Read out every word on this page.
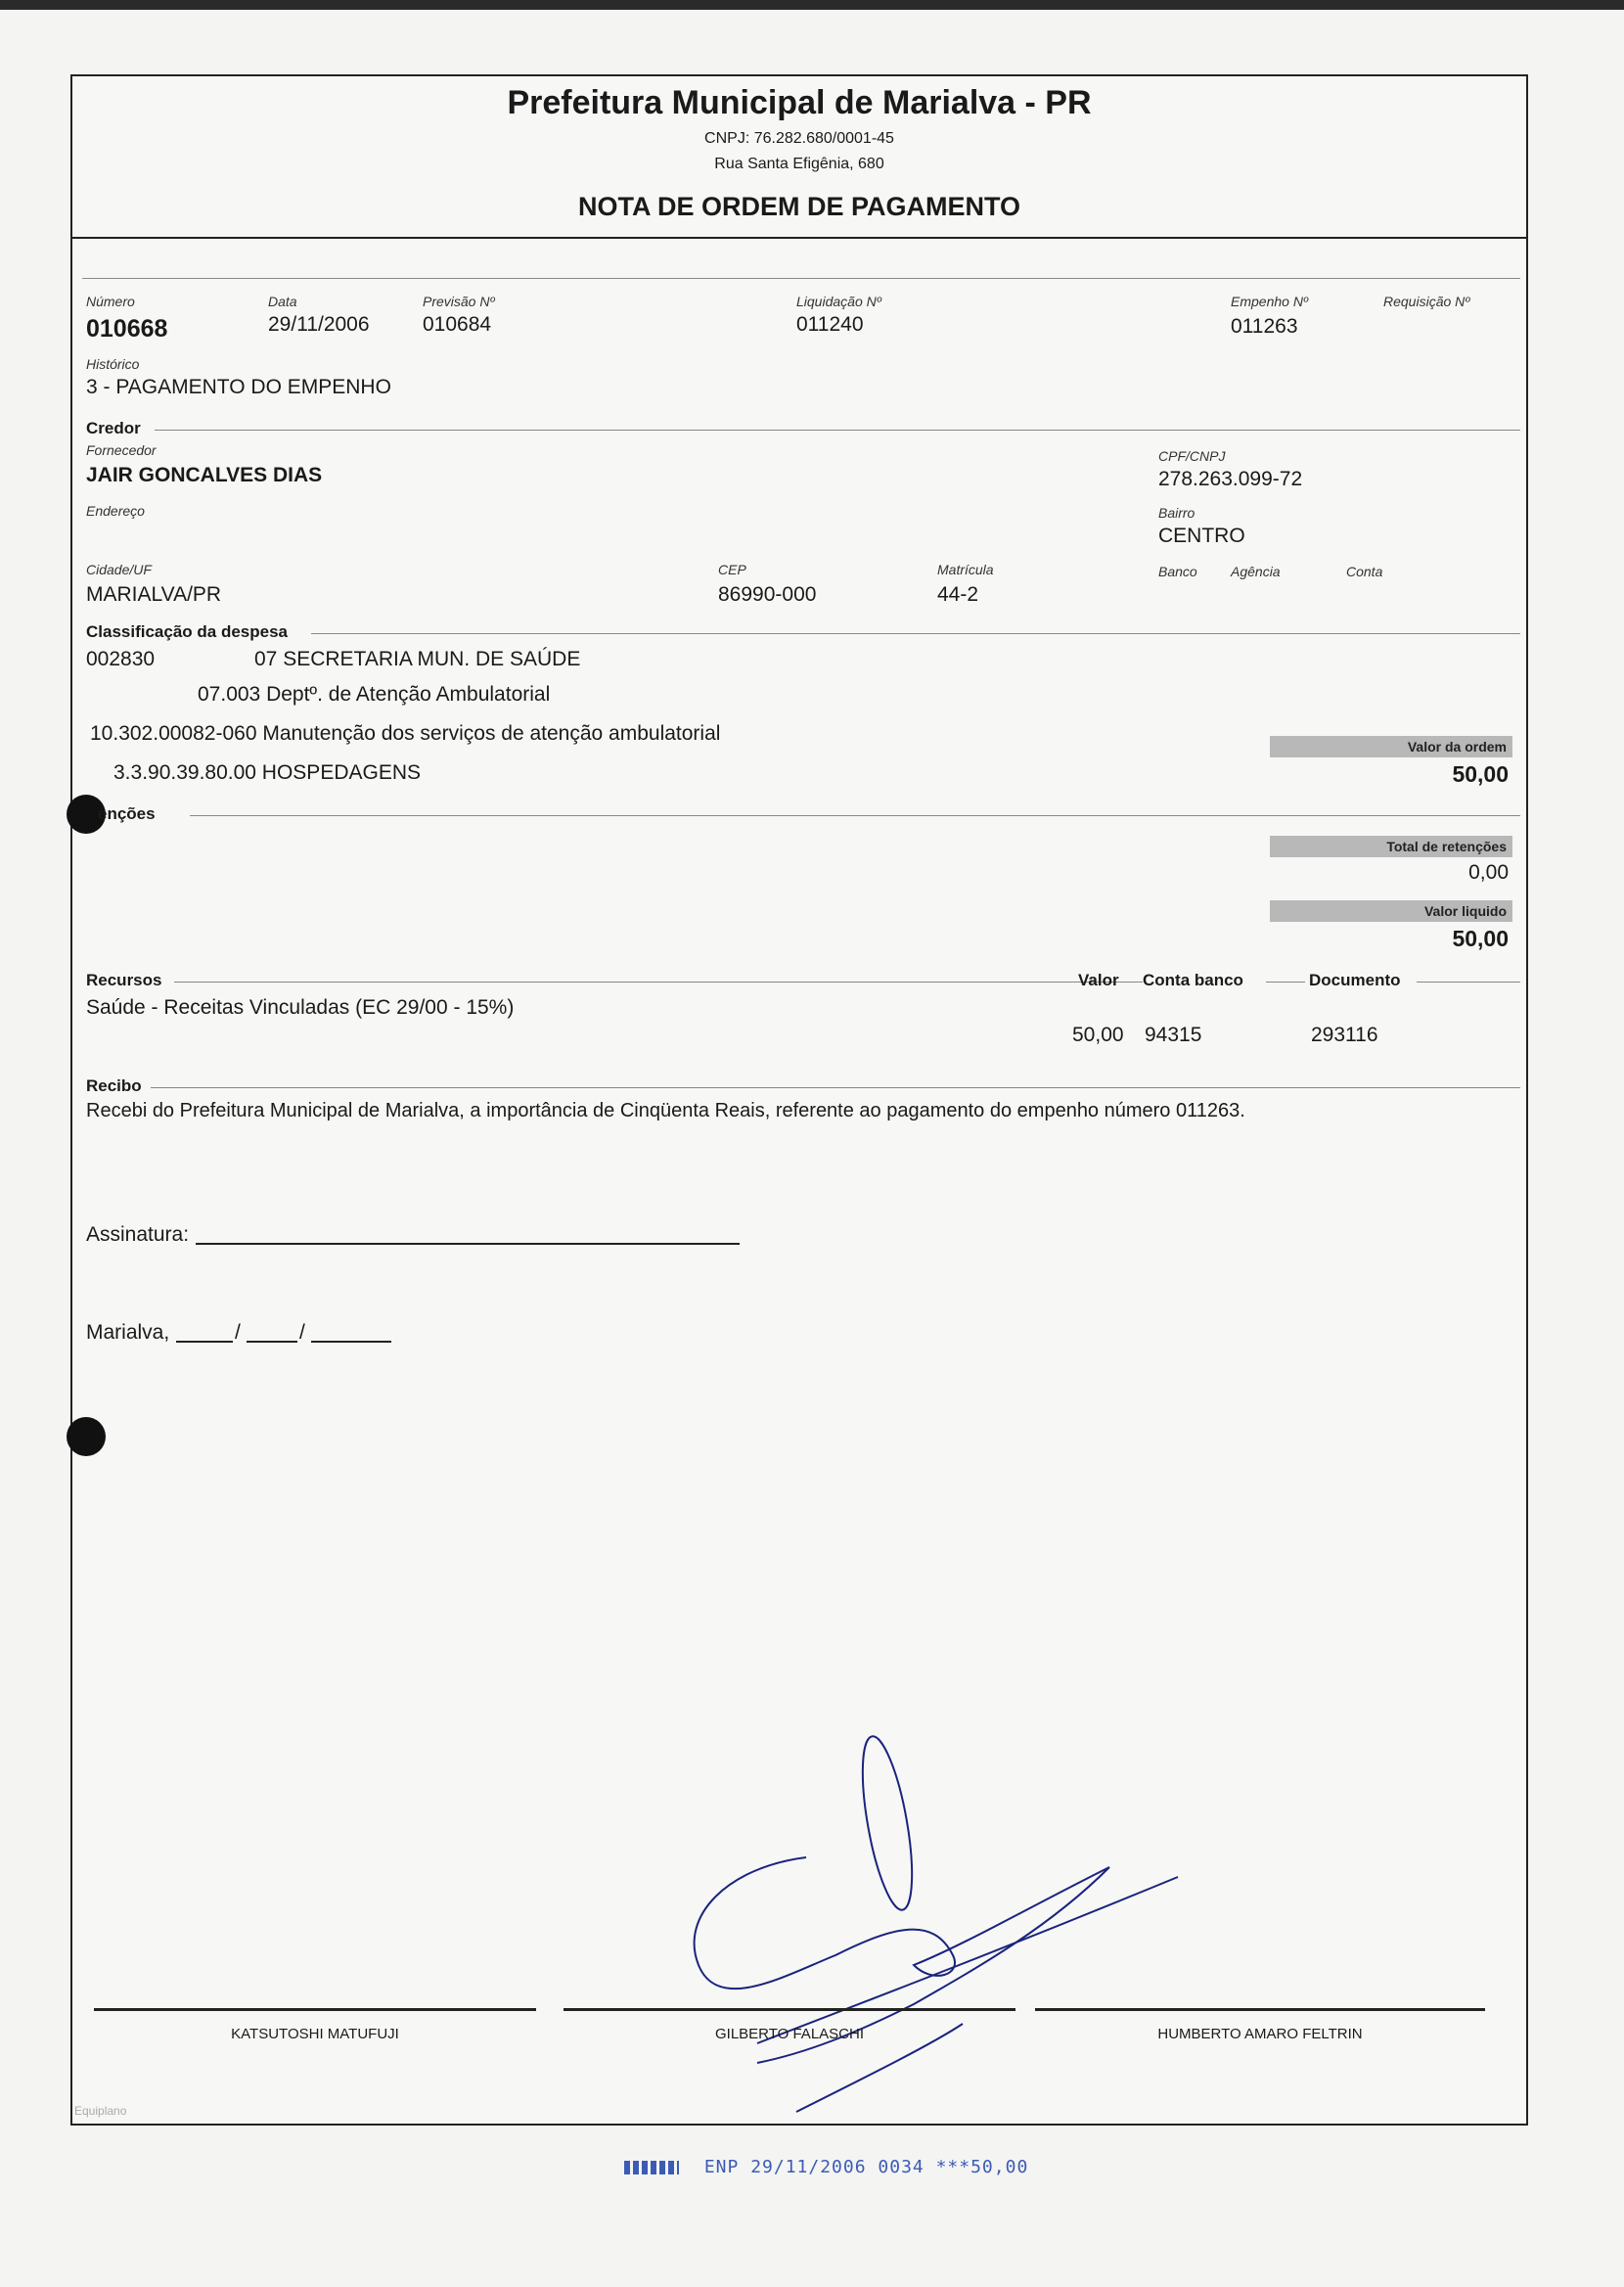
Prefeitura Municipal de Marialva - PR
CNPJ: 76.282.680/0001-45
Rua Santa Efigênia, 680
NOTA DE ORDEM DE PAGAMENTO
Número
010668
Data
29/11/2006
Previsão Nº
010684
Liquidação Nº
011240
Empenho Nº
011263
Requisição Nº
Histórico
3 - PAGAMENTO DO EMPENHO
Credor
Fornecedor
JAIR GONCALVES DIAS
CPF/CNPJ
278.263.099-72
Endereço	Bairro
CENTRO
Cidade/UF
MARIALVA/PR
CEP
86990-000
Matrícula
44-2
Banco Agência	Conta
Classificação da despesa
002830	07 SECRETARIA MUN. DE SAÚDE
07.003 Deptº. de Atenção Ambulatorial
10.302.00082-060 Manutenção dos serviços de atenção ambulatorial
3.3.90.39.80.00 HOSPEDAGENS
Valor da ordem
50,00
enções
Total de retenções
0,00
Valor liquido
50,00
Recursos	Valor Conta banco	Documento
Saúde - Receitas Vinculadas (EC 29/00 - 15%)
50,00 94315	293116
Recibo
Recebi do Prefeitura Municipal de Marialva, a importância de Cinqüenta Reais, referente ao pagamento do empenho número 011263.
Assinatura:
Marialva,	/	/
KATSUTOSHI MATUFUJI	GILBERTO FALASCHI	HUMBERTO AMARO FELTRIN
Equiplano
ENP 29/11/2006 0034 ***50,00
